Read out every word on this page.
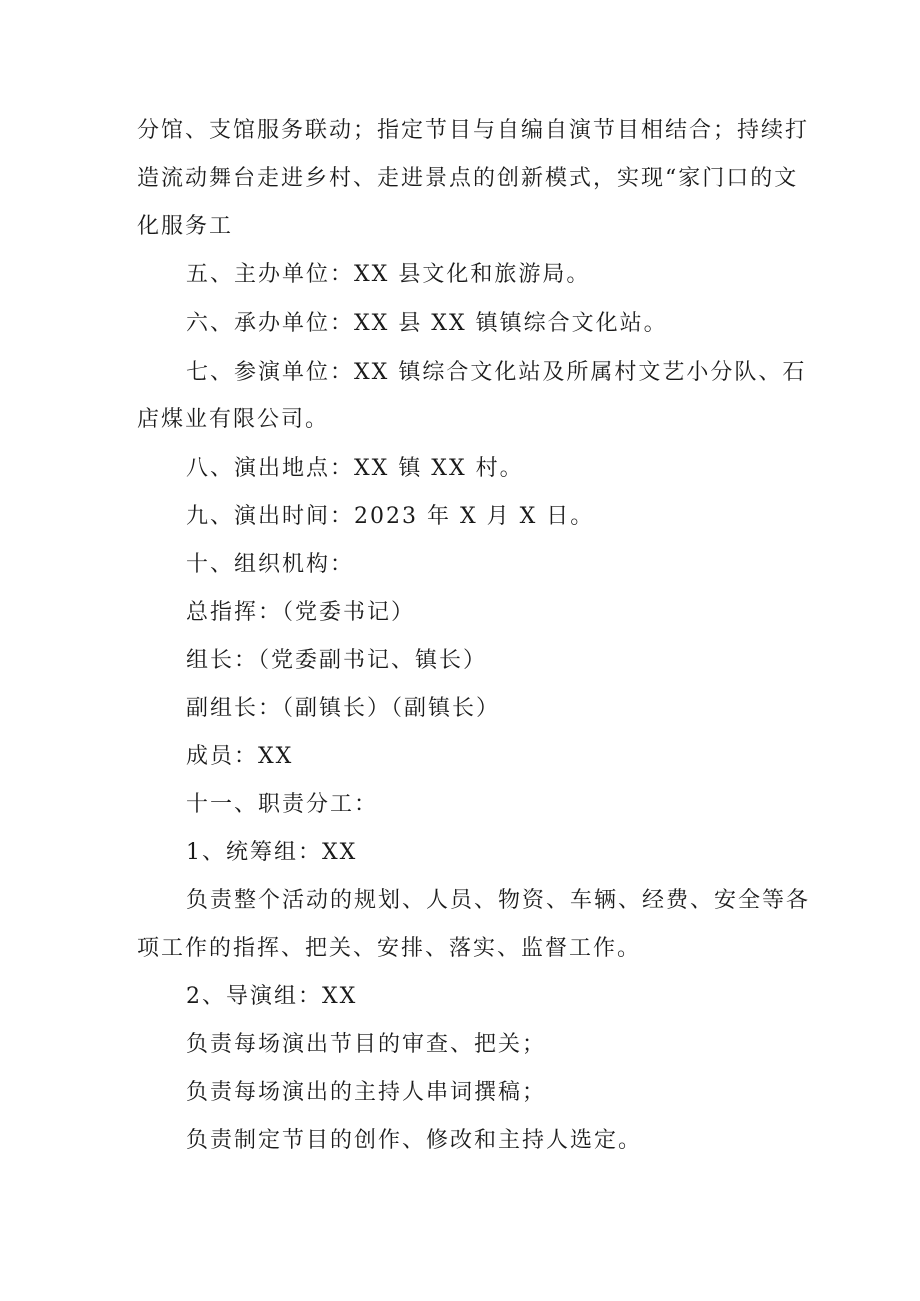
分馆、支馆服务联动；指定节目与自编自演节目相结合；持续打
造流动舞台走进乡村、走进景点的创新模式，实现“家门口的文
化服务工
五、主办单位：XX 县文化和旅游局。
六、承办单位：XX 县 XX 镇镇综合文化站。
七、参演单位：XX 镇综合文化站及所属村文艺小分队、石
店煤业有限公司。
八、演出地点：XX 镇 XX 村。
九、演出时间：2023 年 X 月 X 日。
十、组织机构：
总指挥：（党委书记）
组长：（党委副书记、镇长）
副组长：（副镇长）（副镇长）
成员：XX
十一、职责分工：
1、统筹组：XX
负责整个活动的规划、人员、物资、车辆、经费、安全等各
项工作的指挥、把关、安排、落实、监督工作。
2、导演组：XX
负责每场演出节目的审查、把关；
负责每场演出的主持人串词撰稿；
负责制定节目的创作、修改和主持人选定。
